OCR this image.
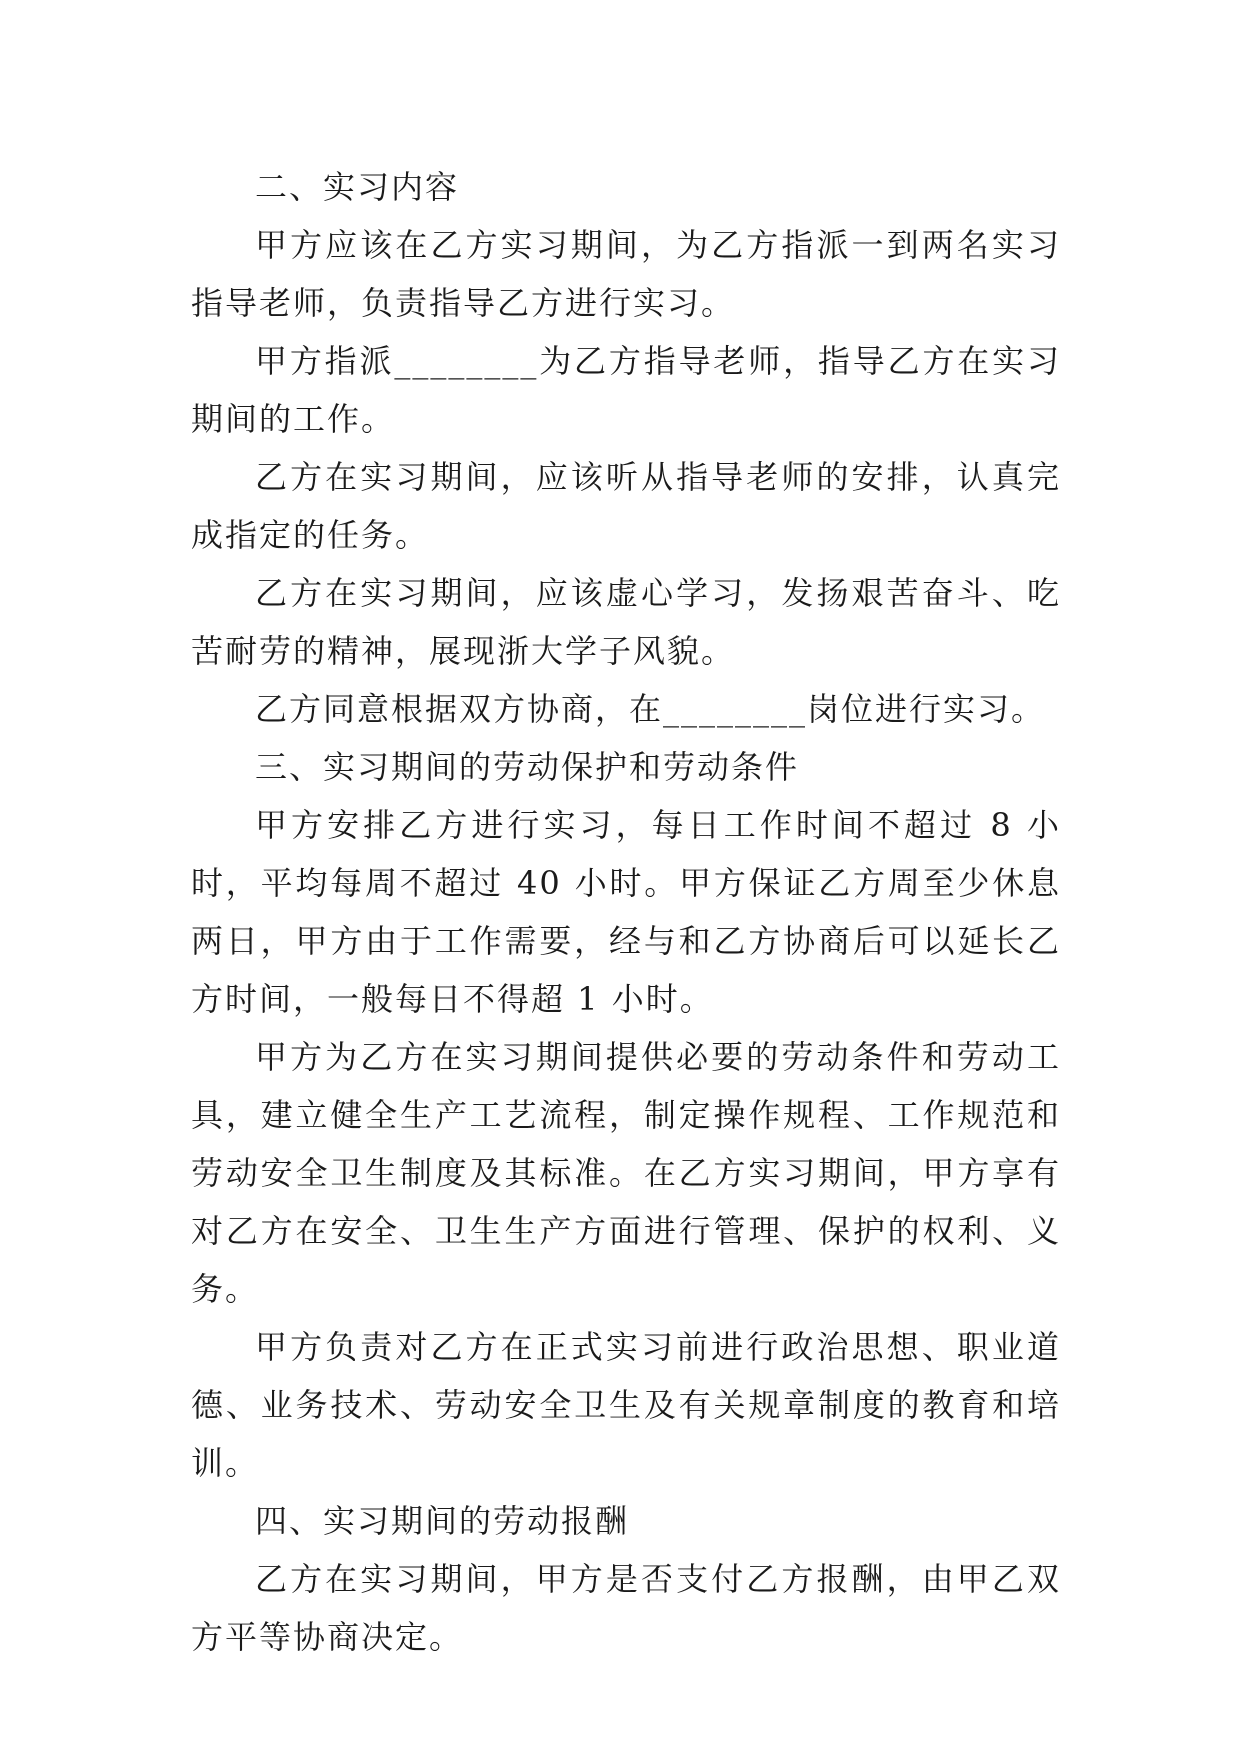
二、实习内容

甲方应该在乙方实习期间，为乙方指派一到两名实习指导老师，负责指导乙方进行实习。

甲方指派________为乙方指导老师，指导乙方在实习期间的工作。

乙方在实习期间，应该听从指导老师的安排，认真完成指定的任务。

乙方在实习期间，应该虚心学习，发扬艰苦奋斗、吃苦耐劳的精神，展现浙大学子风貌。

乙方同意根据双方协商，在________岗位进行实习。

三、实习期间的劳动保护和劳动条件

甲方安排乙方进行实习，每日工作时间不超过 8 小时，平均每周不超过 40 小时。甲方保证乙方周至少休息两日，甲方由于工作需要，经与和乙方协商后可以延长乙方时间，一般每日不得超 1 小时。

甲方为乙方在实习期间提供必要的劳动条件和劳动工具，建立健全生产工艺流程，制定操作规程、工作规范和劳动安全卫生制度及其标准。在乙方实习期间，甲方享有对乙方在安全、卫生生产方面进行管理、保护的权利、义务。

甲方负责对乙方在正式实习前进行政治思想、职业道德、业务技术、劳动安全卫生及有关规章制度的教育和培训。

四、实习期间的劳动报酬

乙方在实习期间，甲方是否支付乙方报酬，由甲乙双方平等协商决定。
